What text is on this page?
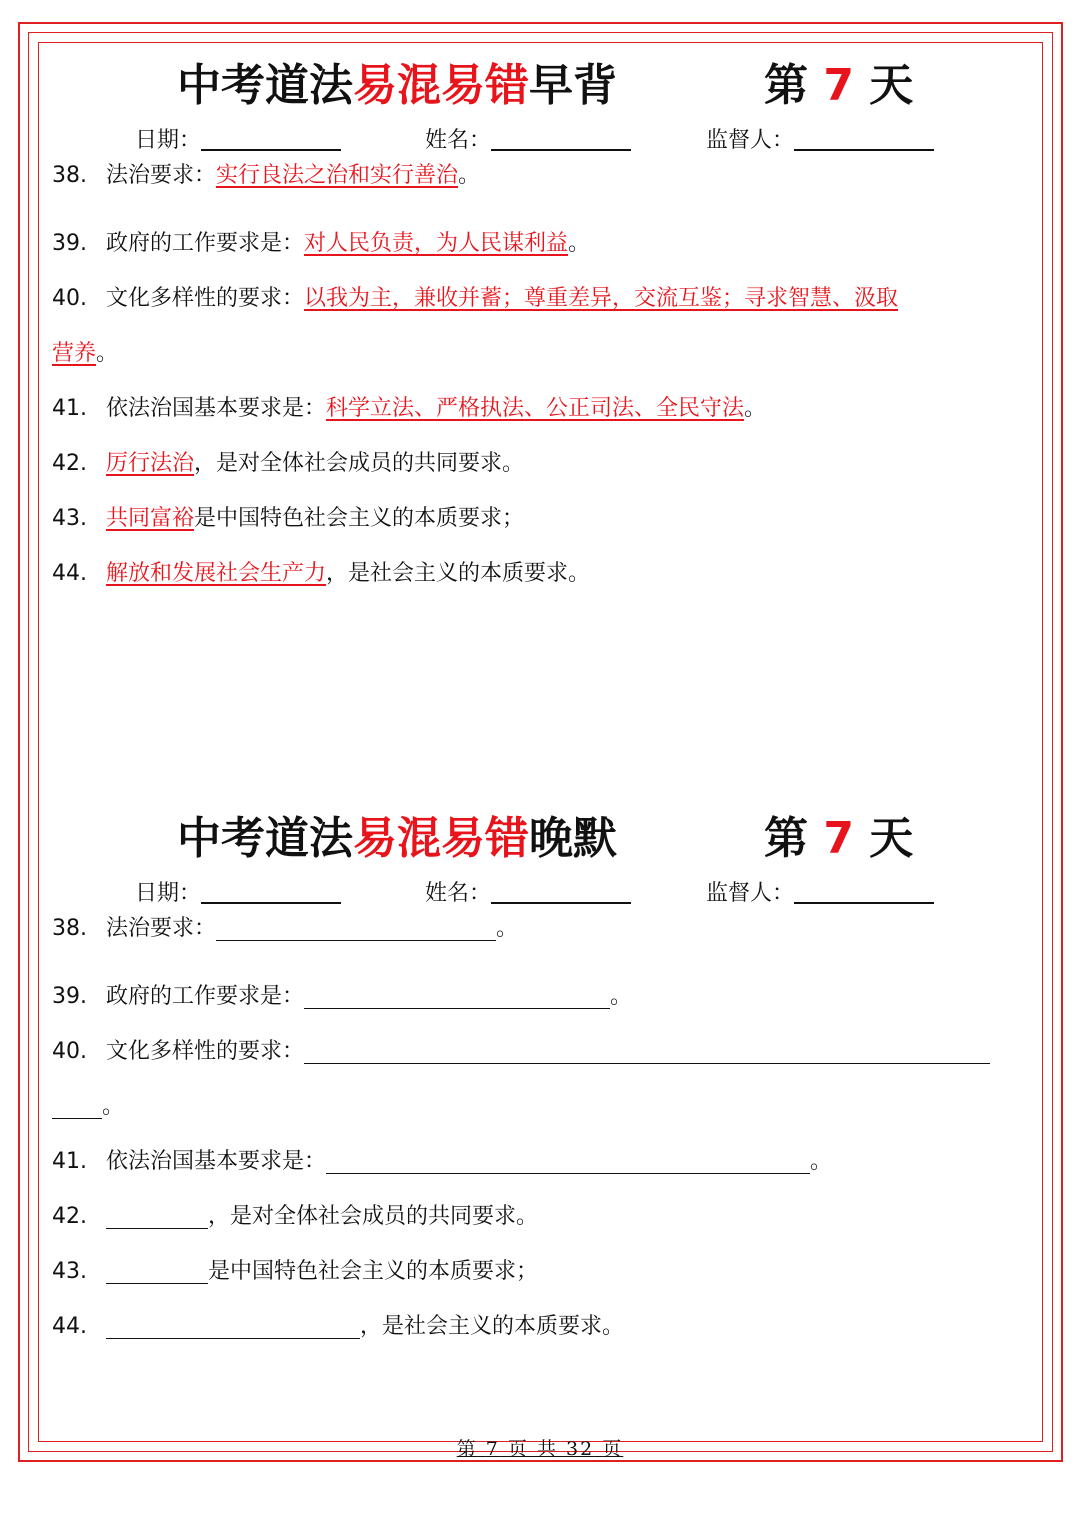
中考道法易混易错早背	第 7 天
日期：	姓名：	监督人：
38. 法治要求：实行良法之治和实行善治。
39. 政府的工作要求是：对人民负责，为人民谋利益。
40. 文化多样性的要求：以我为主，兼收并蓄；尊重差异，交流互鉴；寻求智慧、汲取
营养。
41. 依法治国基本要求是：科学立法、严格执法、公正司法、全民守法。
42. 厉行法治，是对全体社会成员的共同要求。
43. 共同富裕是中国特色社会主义的本质要求；
44. 解放和发展社会生产力，是社会主义的本质要求。
中考道法易混易错晚默	第 7 天
日期：	姓名：	监督人：
38. 法治要求：	。
39. 政府的工作要求是：	。
40. 文化多样性的要求：
。
41. 依法治国基本要求是：	。
42.	，是对全体社会成员的共同要求。
43.	是中国特色社会主义的本质要求；
44.	，是社会主义的本质要求。
第 7 页 共 32 页
